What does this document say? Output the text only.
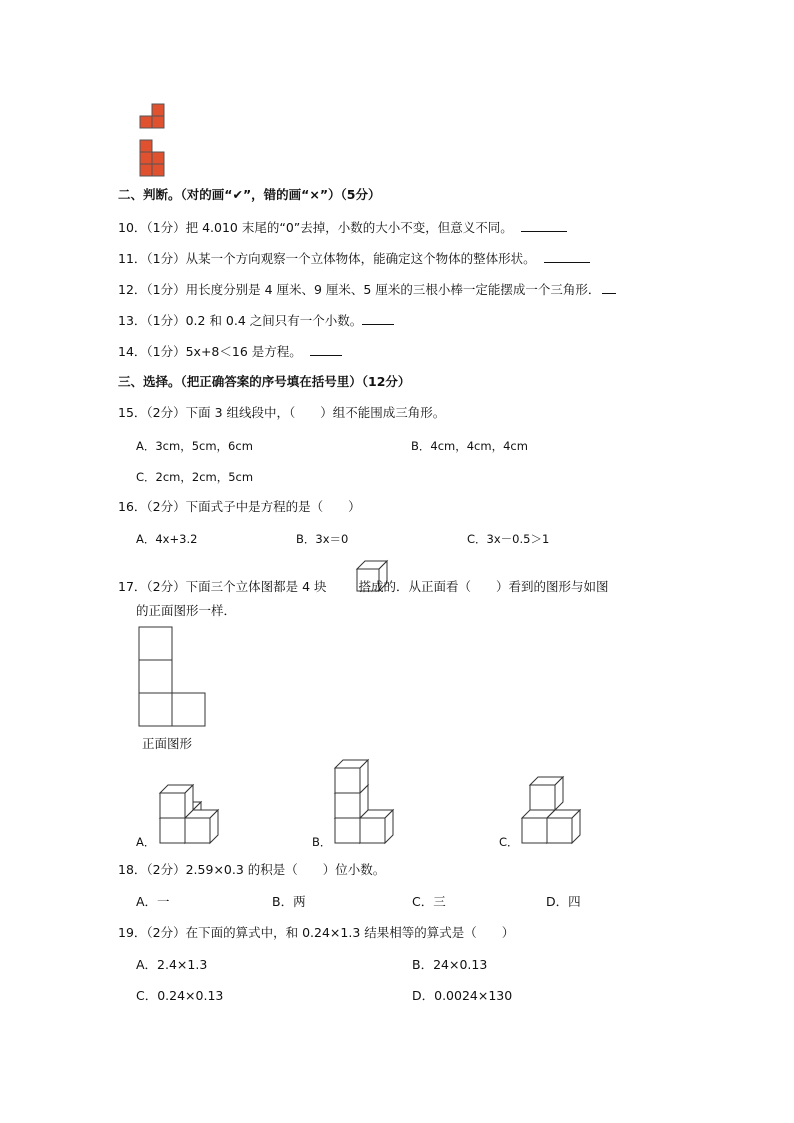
二、判断。（对的画“✔”，错的画“×”）（5分）
10．（1分）把 4.010 末尾的“0”去掉，小数的大小不变，但意义不同。
11．（1分）从某一个方向观察一个立体物体，能确定这个物体的整体形状。
12．（1分）用长度分别是 4 厘米、9 厘米、5 厘米的三根小棒一定能摆成一个三角形．
13．（1分）0.2 和 0.4 之间只有一个小数。
14．（1分）5x+8＜16 是方程。
三、选择。（把正确答案的序号填在括号里）（12分）
15．（2分）下面 3 组线段中，（　　）组不能围成三角形。
A．3cm，5cm，6cm	B．4cm，4cm，4cm
C．2cm，2cm，5cm
16．（2分）下面式子中是方程的是（　　）
A．4x+3.2	B．3x＝0	C．3x－0.5＞1
17．（2分）下面三个立体图都是 4 块	搭成的．从正面看（　　）看到的图形与如图
的正面图形一样．
正面图形
A．	B．	C．
18．（2分）2.59×0.3 的积是（　　）位小数。
A．一	B．两	C．三	D．四
19．（2分）在下面的算式中，和 0.24×1.3 结果相等的算式是（　　）
A．2.4×1.3	B．24×0.13
C．0.24×0.13	D．0.0024×130
